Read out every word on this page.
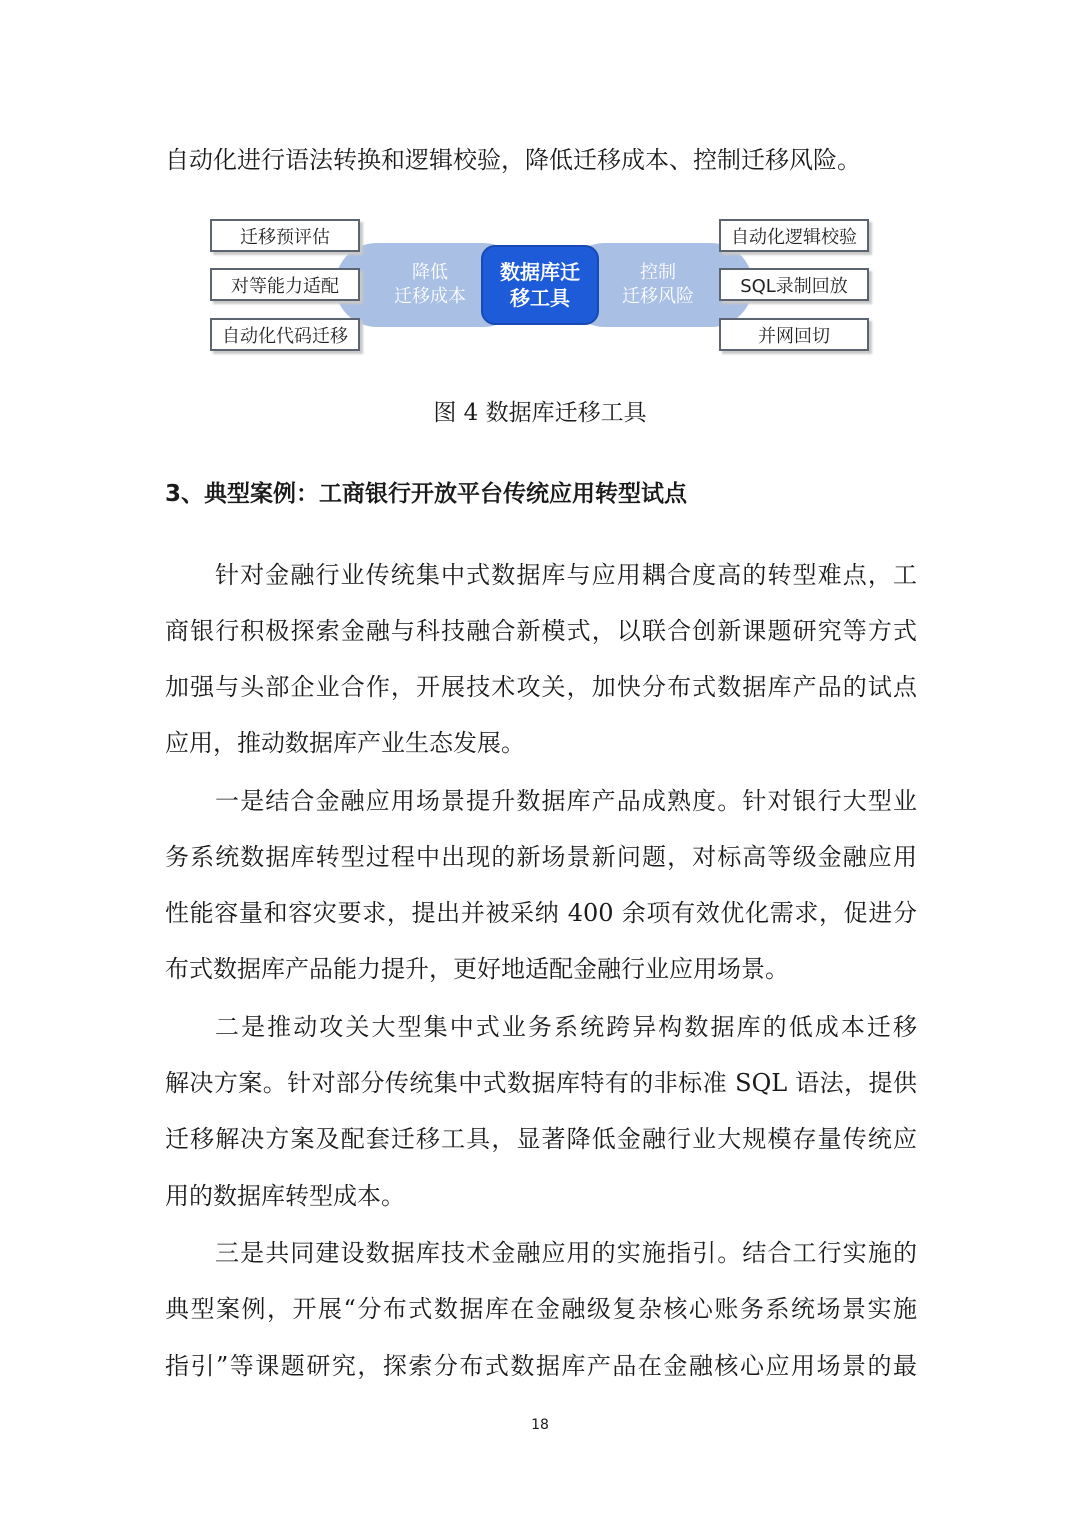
自动化进行语法转换和逻辑校验，降低迁移成本、控制迁移风险。
降低
迁移成本
控制
迁移风险
迁移预评估
对等能力适配
自动化代码迁移
自动化逻辑校验
SQL录制回放
并网回切
数据库迁
移工具
图 4 数据库迁移工具
3、典型案例：工商银行开放平台传统应用转型试点
针对金融行业传统集中式数据库与应用耦合度高的转型难点，工
商银行积极探索金融与科技融合新模式，以联合创新课题研究等方式
加强与头部企业合作，开展技术攻关，加快分布式数据库产品的试点
应用，推动数据库产业生态发展。
一是结合金融应用场景提升数据库产品成熟度。针对银行大型业
务系统数据库转型过程中出现的新场景新问题，对标高等级金融应用
性能容量和容灾要求，提出并被采纳 400 余项有效优化需求，促进分
布式数据库产品能力提升，更好地适配金融行业应用场景。
二是推动攻关大型集中式业务系统跨异构数据库的低成本迁移
解决方案。针对部分传统集中式数据库特有的非标准 SQL 语法，提供
迁移解决方案及配套迁移工具，显著降低金融行业大规模存量传统应
用的数据库转型成本。
三是共同建设数据库技术金融应用的实施指引。结合工行实施的
典型案例，开展“分布式数据库在金融级复杂核心账务系统场景实施
指引”等课题研究，探索分布式数据库产品在金融核心应用场景的最
18
